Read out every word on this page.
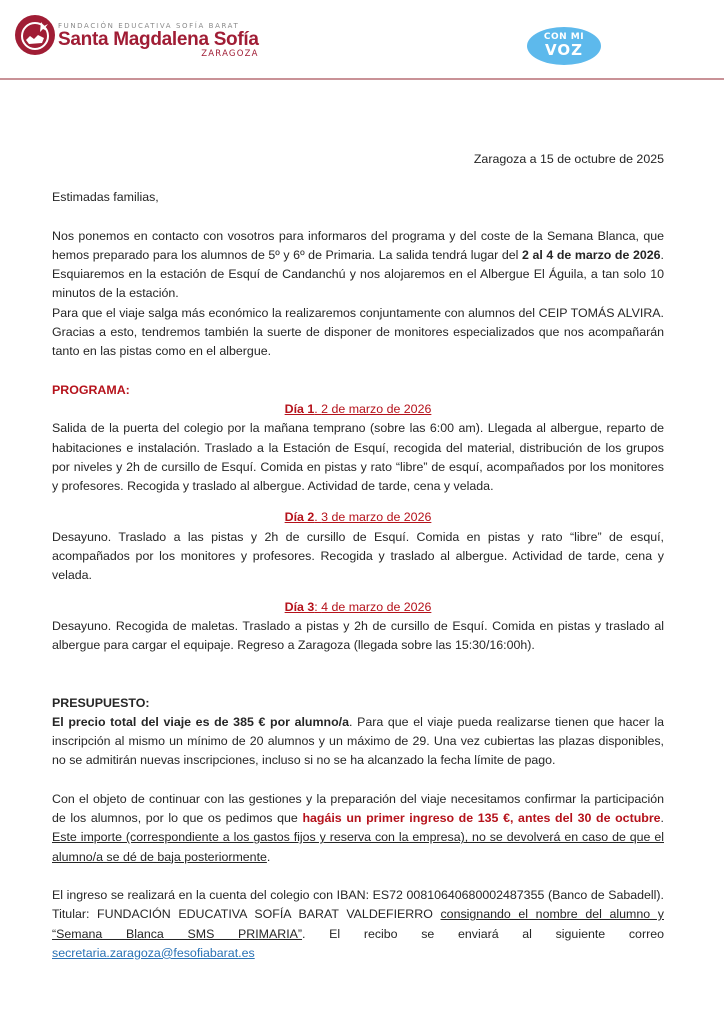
FUNDACIÓN EDUCATIVA SOFÍA BARAT
Santa Magdalena Sofía
ZARAGOZA
CON MI
VOZ

Zaragoza a 15 de octubre de 2025

Estimadas familias,

Nos ponemos en contacto con vosotros para informaros del programa y del coste de la Semana Blanca, que hemos preparado para los alumnos de 5º y 6º de Primaria. La salida tendrá lugar del 2 al 4 de marzo de 2026. Esquiaremos en la estación de Esquí de Candanchú y nos alojaremos en el Albergue El Águila, a tan solo 10 minutos de la estación.

Para que el viaje salga más económico la realizaremos conjuntamente con alumnos del CEIP TOMÁS ALVIRA. Gracias a esto, tendremos también la suerte de disponer de monitores especializados que nos acompañarán tanto en las pistas como en el albergue.

PROGRAMA:

Día 1. 2 de marzo de 2026

Salida de la puerta del colegio por la mañana temprano (sobre las 6:00 am). Llegada al albergue, reparto de habitaciones e instalación. Traslado a la Estación de Esquí, recogida del material, distribución de los grupos por niveles y 2h de cursillo de Esquí. Comida en pistas y rato “libre” de esquí, acompañados por los monitores y profesores. Recogida y traslado al albergue. Actividad de tarde, cena y velada.

Día 2. 3 de marzo de 2026

Desayuno. Traslado a las pistas y 2h de cursillo de Esquí. Comida en pistas y rato “libre” de esquí, acompañados por los monitores y profesores. Recogida y traslado al albergue. Actividad de tarde, cena y velada.

Día 3: 4 de marzo de 2026

Desayuno. Recogida de maletas. Traslado a pistas y 2h de cursillo de Esquí. Comida en pistas y traslado al albergue para cargar el equipaje. Regreso a Zaragoza (llegada sobre las 15:30/16:00h).

PRESUPUESTO:

El precio total del viaje es de 385 € por alumno/a. Para que el viaje pueda realizarse tienen que hacer la inscripción al mismo un mínimo de 20 alumnos y un máximo de 29. Una vez cubiertas las plazas disponibles, no se admitirán nuevas inscripciones, incluso si no se ha alcanzado la fecha límite de pago.

Con el objeto de continuar con las gestiones y la preparación del viaje necesitamos confirmar la participación de los alumnos, por lo que os pedimos que hagáis un primer ingreso de 135 €, antes del 30 de octubre. Este importe (correspondiente a los gastos fijos y reserva con la empresa), no se devolverá en caso de que el alumno/a se dé de baja posteriormente.

El ingreso se realizará en la cuenta del colegio con IBAN: ES72 00810640680002487355 (Banco de Sabadell). Titular: FUNDACIÓN EDUCATIVA SOFÍA BARAT VALDEFIERRO consignando el nombre del alumno y “Semana Blanca SMS PRIMARIA”. El recibo se enviará al siguiente correo secretaria.zaragoza@fesofiabarat.es
